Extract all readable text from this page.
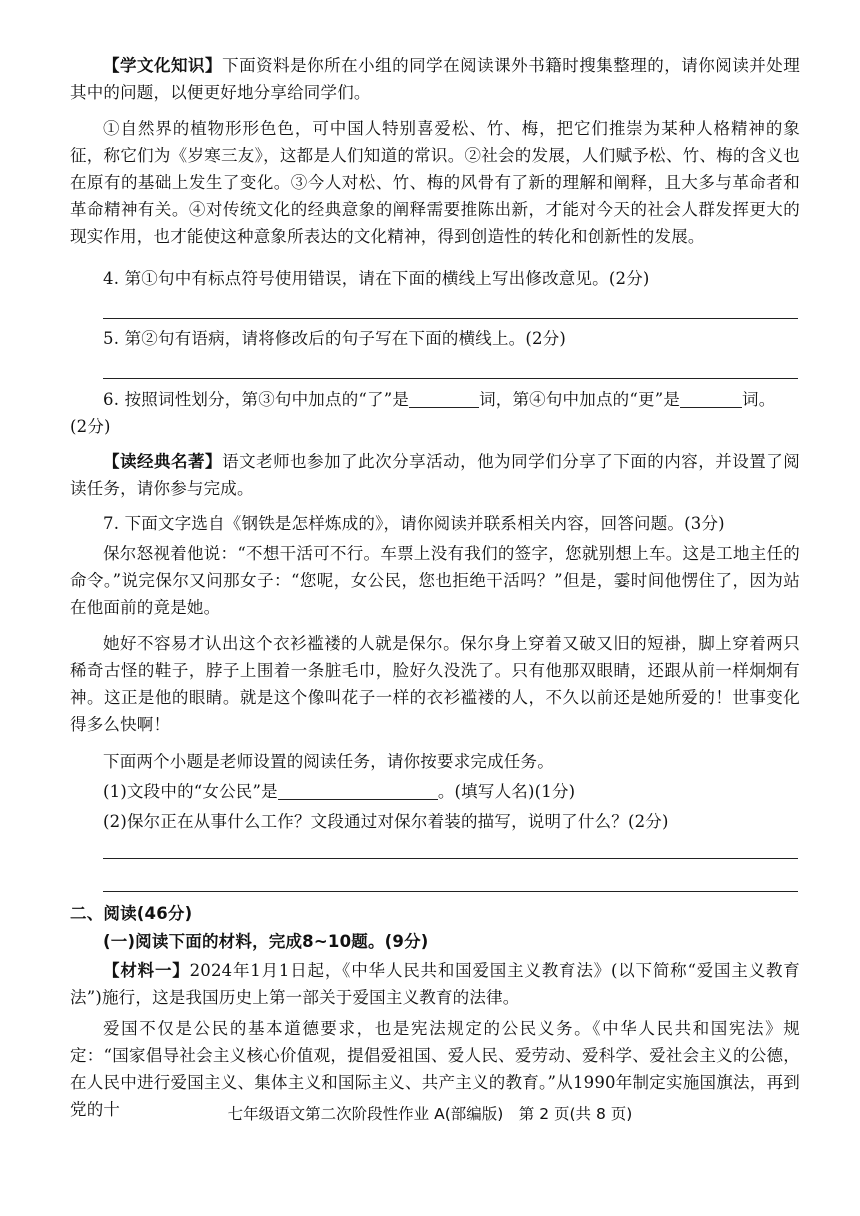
【学文化知识】下面资料是你所在小组的同学在阅读课外书籍时搜集整理的，请你阅读并处理其中的问题，以便更好地分享给同学们。

①自然界的植物形形色色，可中国人特别喜爱松、竹、梅，把它们推崇为某种人格精神的象征，称它们为《岁寒三友》，这都是人们知道的常识。②社会的发展，人们赋予松、竹、梅的含义也在原有的基础上发生了变化。③今人对松、竹、梅的风骨有了新的理解和阐释，且大多与革命者和革命精神有关。④对传统文化的经典意象的阐释需要推陈出新，才能对今天的社会人群发挥更大的现实作用，也才能使这种意象所表达的文化精神，得到创造性的转化和创新性的发展。

4. 第①句中有标点符号使用错误，请在下面的横线上写出修改意见。(2分)

5. 第②句有语病，请将修改后的句子写在下面的横线上。(2分)

6. 按照词性划分，第③句中加点的“了”是	词，第④句中加点的“更”是	词。
(2分)

【读经典名著】语文老师也参加了此次分享活动，他为同学们分享了下面的内容，并设置了阅读任务，请你参与完成。

7. 下面文字选自《钢铁是怎样炼成的》，请你阅读并联系相关内容，回答问题。(3分)

保尔怒视着他说：“不想干活可不行。车票上没有我们的签字，您就别想上车。这是工地主任的命令。”说完保尔又问那女子：“您呢，女公民，您也拒绝干活吗？”但是，霎时间他愣住了，因为站在他面前的竟是她。

她好不容易才认出这个衣衫褴褛的人就是保尔。保尔身上穿着又破又旧的短褂，脚上穿着两只稀奇古怪的鞋子，脖子上围着一条脏毛巾，脸好久没洗了。只有他那双眼睛，还跟从前一样炯炯有神。这正是他的眼睛。就是这个像叫花子一样的衣衫褴褛的人，不久以前还是她所爱的！世事变化得多么快啊！

下面两个小题是老师设置的阅读任务，请你按要求完成任务。

(1)文段中的“女公民”是	。(填写人名)(1分)

(2)保尔正在从事什么工作？文段通过对保尔着装的描写，说明了什么？(2分)

二、阅读(46分)

(一)阅读下面的材料，完成8~10题。(9分)

【材料一】2024年1月1日起，《中华人民共和国爱国主义教育法》(以下简称“爱国主义教育法”)施行，这是我国历史上第一部关于爱国主义教育的法律。

爱国不仅是公民的基本道德要求，也是宪法规定的公民义务。《中华人民共和国宪法》规定：“国家倡导社会主义核心价值观，提倡爱祖国、爱人民、爱劳动、爱科学、爱社会主义的公德，在人民中进行爱国主义、集体主义和国际主义、共产主义的教育。”从1990年制定实施国旗法，再到党的十	七年级语文第二次阶段性作业 A(部编版)　第 2 页(共 8 页)
